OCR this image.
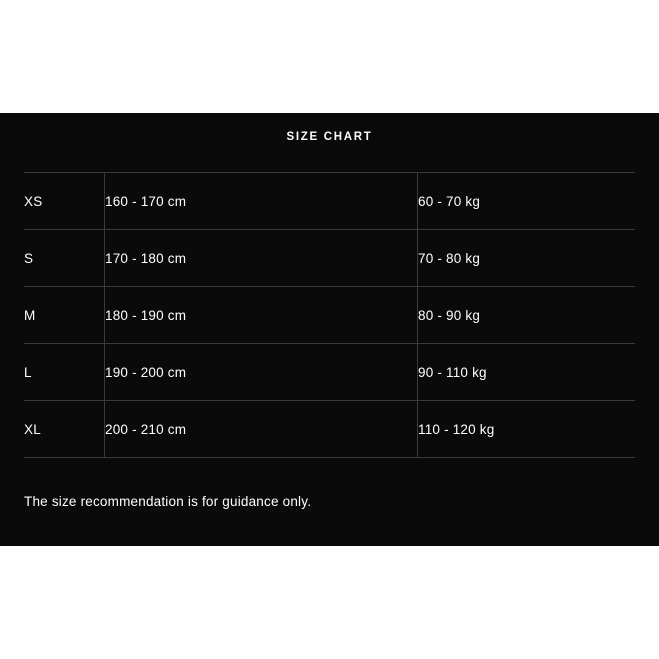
SIZE CHART
XS	160 - 170 cm	60 - 70 kg
S	170 - 180 cm	70 - 80 kg
M	180 - 190 cm	80 - 90 kg
L	190 - 200 cm	90 - 110 kg
XL	200 - 210 cm	110 - 120 kg
The size recommendation is for guidance only.
